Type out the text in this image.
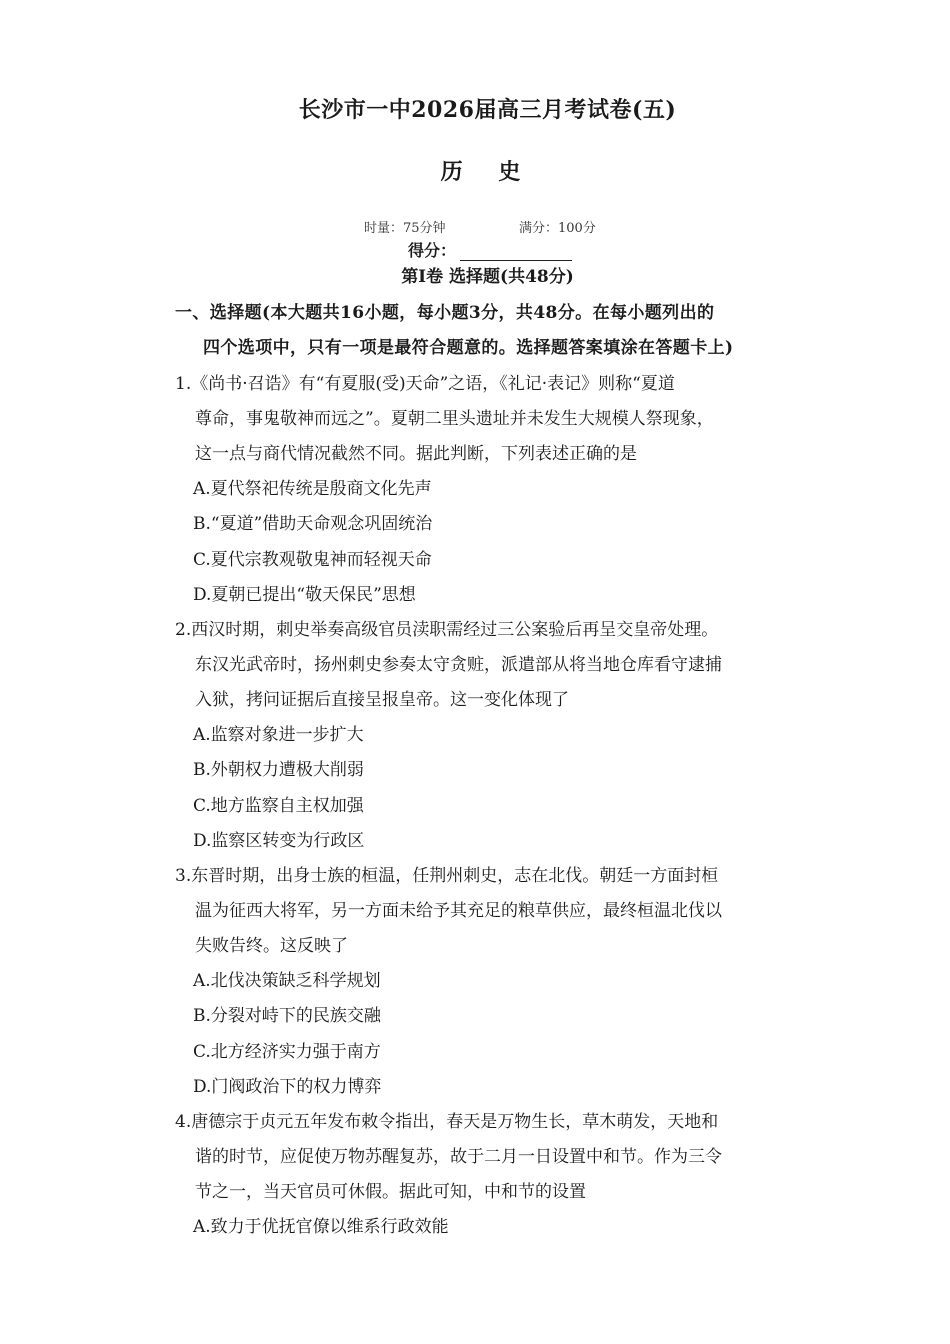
长沙市一中2026届高三月考试卷(五)
历 史
时量：75分钟	满分：100分
得分：
第Ⅰ卷 选择题(共48分)
一、选择题(本大题共16小题，每小题3分，共48分。在每小题列出的
四个选项中，只有一项是最符合题意的。选择题答案填涂在答题卡上)
1.《尚书·召诰》有“有夏服(受)天命”之语，《礼记·表记》则称“夏道
尊命，事鬼敬神而远之”。夏朝二里头遗址并未发生大规模人祭现象，
这一点与商代情况截然不同。据此判断，下列表述正确的是
A.夏代祭祀传统是殷商文化先声
B.“夏道”借助天命观念巩固统治
C.夏代宗教观敬鬼神而轻视天命
D.夏朝已提出“敬天保民”思想
2.西汉时期，刺史举奏高级官员渎职需经过三公案验后再呈交皇帝处理。
东汉光武帝时，扬州刺史参奏太守贪赃，派遣部从将当地仓库看守逮捕
入狱，拷问证据后直接呈报皇帝。这一变化体现了
A.监察对象进一步扩大
B.外朝权力遭极大削弱
C.地方监察自主权加强
D.监察区转变为行政区
3.东晋时期，出身士族的桓温，任荆州刺史，志在北伐。朝廷一方面封桓
温为征西大将军，另一方面未给予其充足的粮草供应，最终桓温北伐以
失败告终。这反映了
A.北伐决策缺乏科学规划
B.分裂对峙下的民族交融
C.北方经济实力强于南方
D.门阀政治下的权力博弈
4.唐德宗于贞元五年发布敕令指出，春天是万物生长，草木萌发，天地和
谐的时节，应促使万物苏醒复苏，故于二月一日设置中和节。作为三令
节之一，当天官员可休假。据此可知，中和节的设置
A.致力于优抚官僚以维系行政效能
